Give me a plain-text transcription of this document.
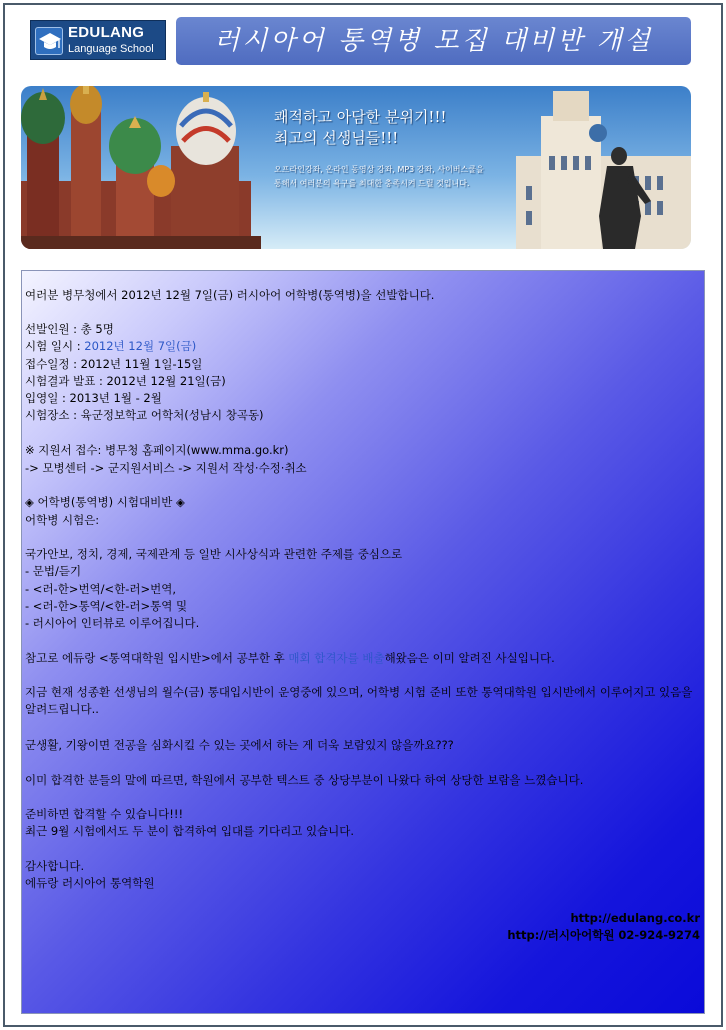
EDULANG
Language School	러시아어 통역병 모집 대비반 개설
쾌적하고 아담한 분위기!!!
최고의 선생님들!!!
오프라인강좌, 온라인 동영상 강좌, MP3 강좌, 사이버스쿨을
통해서 여러분의 욕구를 최대한 충족시켜 드릴 것입니다.

여러분 병무청에서 2012년 12월 7일(금) 러시아어 어학병(통역병)을 선발합니다.

선발인원 : 총 5명

시험 일시 : 2012년 12월 7일(금)

접수일정 : 2012년 11월 1일-15일

시험결과 발표 : 2012년 12월 21일(금)

입영일 : 2013년 1월 - 2월

시험장소 : 육군정보학교 어학처(성남시 창곡동)

※ 지원서 접수: 병무청 홈페이지(www.mma.go.kr)

-> 모병센터 -> 군지원서비스 -> 지원서 작성·수정·취소

◈ 어학병(통역병) 시험대비반 ◈

어학병 시험은:

국가안보, 정치, 경제, 국제관계 등 일반 시사상식과 관련한 주제를 중심으로

- 문법/듣기

- <러-한>번역/<한-러>번역,

- <러-한>통역/<한-러>통역 및

- 러시아어 인터뷰로 이루어집니다.

참고로 에듀랑 <통역대학원 입시반>에서 공부한 후 매회 합격자를 배출해왔음은 이미 알려진 사실입니다.

지금 현재 성종환 선생님의 월수(금) 통대입시반이 운영중에 있으며, 어학병 시험 준비 또한 통역대학원 입시반에서 이루어지고 있음을 알려드립니다..

군생활, 기왕이면 전공을 심화시킬 수 있는 곳에서 하는 게 더욱 보람있지 않을까요???

이미 합격한 분들의 말에 따르면, 학원에서 공부한 텍스트 중 상당부분이 나왔다 하여 상당한 보람을 느꼈습니다.

준비하면 합격할 수 있습니다!!!

최근 9월 시험에서도 두 분이 합격하여 입대를 기다리고 있습니다.

감사합니다.

에듀랑 러시아어 통역학원

http://edulang.co.kr

http://러시아어학원 02-924-9274
